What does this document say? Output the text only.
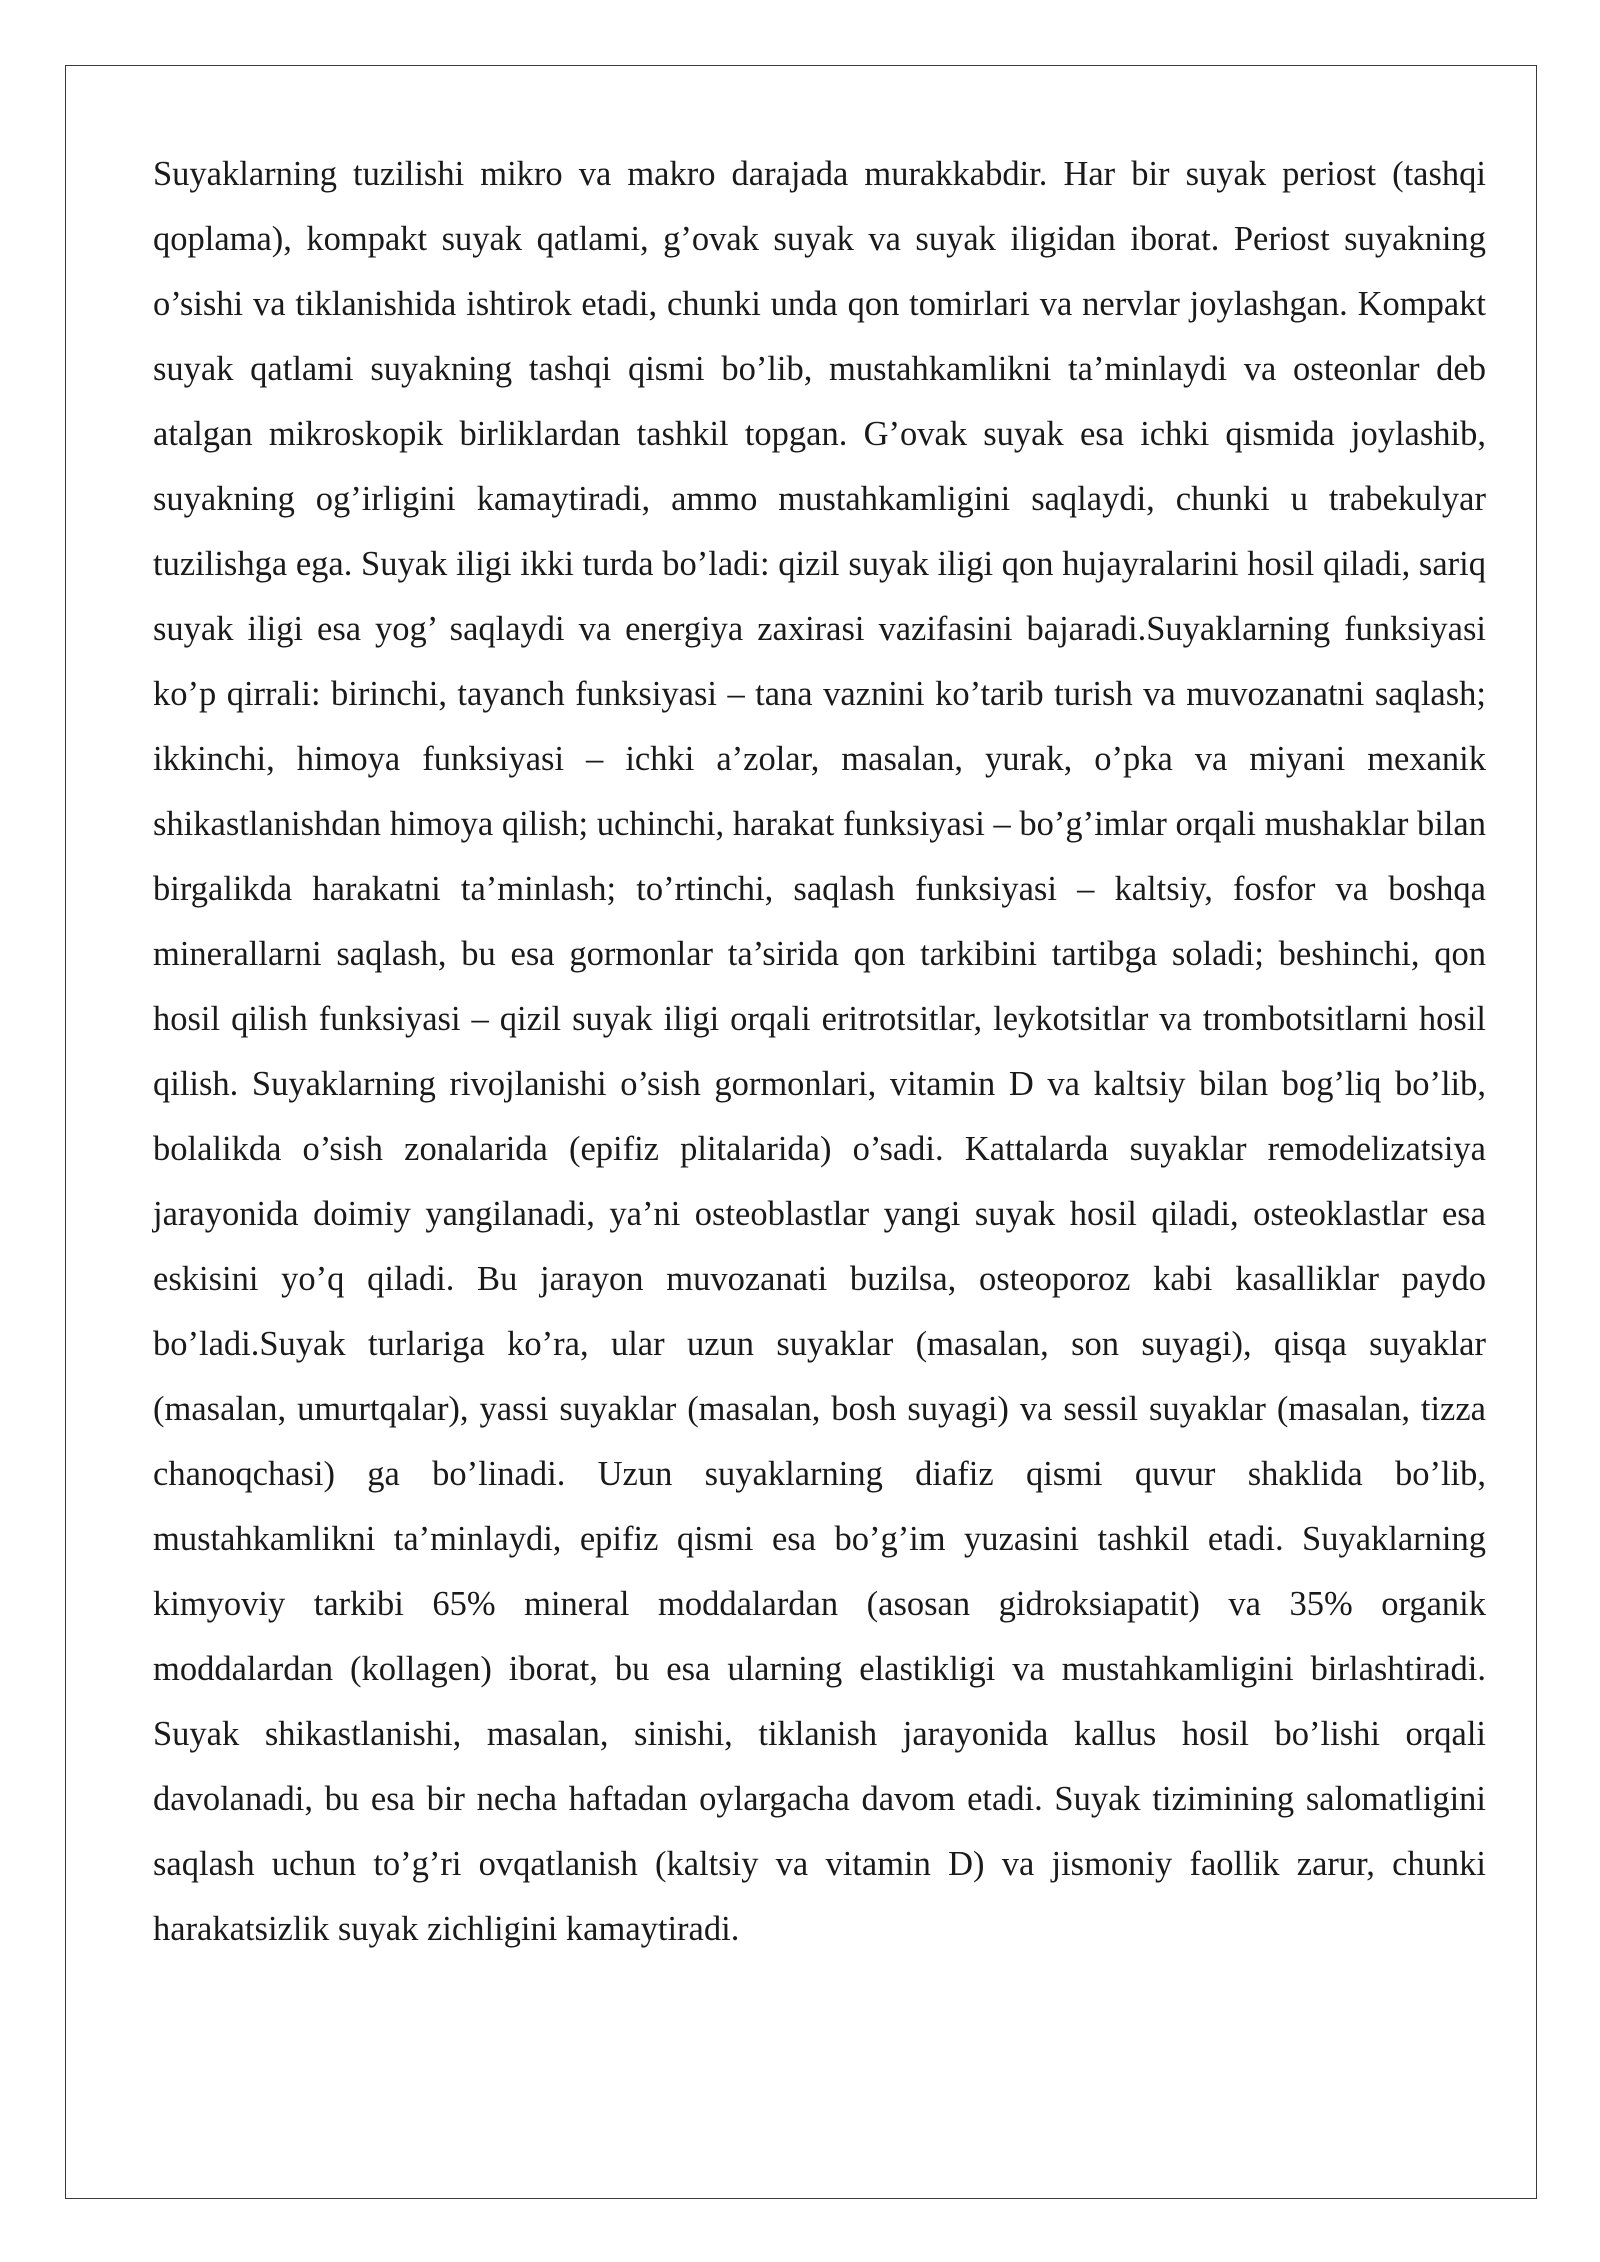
Suyaklarning tuzilishi mikro va makro darajada murakkabdir. Har bir suyak periost (tashqi qoplama), kompakt suyak qatlami, g’ovak suyak va suyak iligidan iborat. Periost suyakning o’sishi va tiklanishida ishtirok etadi, chunki unda qon tomirlari va nervlar joylashgan. Kompakt suyak qatlami suyakning tashqi qismi bo’lib, mustahkamlikni ta’minlaydi va osteonlar deb atalgan mikroskopik birliklardan tashkil topgan. G’ovak suyak esa ichki qismida joylashib, suyakning og’irligini kamaytiradi, ammo mustahkamligini saqlaydi, chunki u trabekulyar tuzilishga ega. Suyak iligi ikki turda bo’ladi: qizil suyak iligi qon hujayralarini hosil qiladi, sariq suyak iligi esa yog’ saqlaydi va energiya zaxirasi vazifasini bajaradi.Suyaklarning funksiyasi ko’p qirrali: birinchi, tayanch funksiyasi – tana vaznini ko’tarib turish va muvozanatni saqlash; ikkinchi, himoya funksiyasi – ichki a’zolar, masalan, yurak, o’pka va miyani mexanik shikastlanishdan himoya qilish; uchinchi, harakat funksiyasi – bo’g’imlar orqali mushaklar bilan birgalikda harakatni ta’minlash; to’rtinchi, saqlash funksiyasi – kaltsiy, fosfor va boshqa minerallarni saqlash, bu esa gormonlar ta’sirida qon tarkibini tartibga soladi; beshinchi, qon hosil qilish funksiyasi – qizil suyak iligi orqali eritrotsitlar, leykotsitlar va trombotsitlarni hosil qilish. Suyaklarning rivojlanishi o’sish gormonlari, vitamin D va kaltsiy bilan bog’liq bo’lib, bolalikda o’sish zonalarida (epifiz plitalarida) o’sadi. Kattalarda suyaklar remodelizatsiya jarayonida doimiy yangilanadi, ya’ni osteoblastlar yangi suyak hosil qiladi, osteoklastlar esa eskisini yo’q qiladi. Bu jarayon muvozanati buzilsa, osteoporoz kabi kasalliklar paydo bo’ladi.Suyak turlariga ko’ra, ular uzun suyaklar (masalan, son suyagi), qisqa suyaklar (masalan, umurtqalar), yassi suyaklar (masalan, bosh suyagi) va sessil suyaklar (masalan, tizza chanoqchasi) ga bo’linadi. Uzun suyaklarning diafiz qismi quvur shaklida bo’lib, mustahkamlikni ta’minlaydi, epifiz qismi esa bo’g’im yuzasini tashkil etadi. Suyaklarning kimyoviy tarkibi 65% mineral moddalardan (asosan gidroksiapatit) va 35% organik moddalardan (kollagen) iborat, bu esa ularning elastikligi va mustahkamligini birlashtiradi. Suyak shikastlanishi, masalan, sinishi, tiklanish jarayonida kallus hosil bo’lishi orqali davolanadi, bu esa bir necha haftadan oylargacha davom etadi. Suyak tizimining salomatligini saqlash uchun to’g’ri ovqatlanish (kaltsiy va vitamin D) va jismoniy faollik zarur, chunki harakatsizlik suyak zichligini kamaytiradi.
